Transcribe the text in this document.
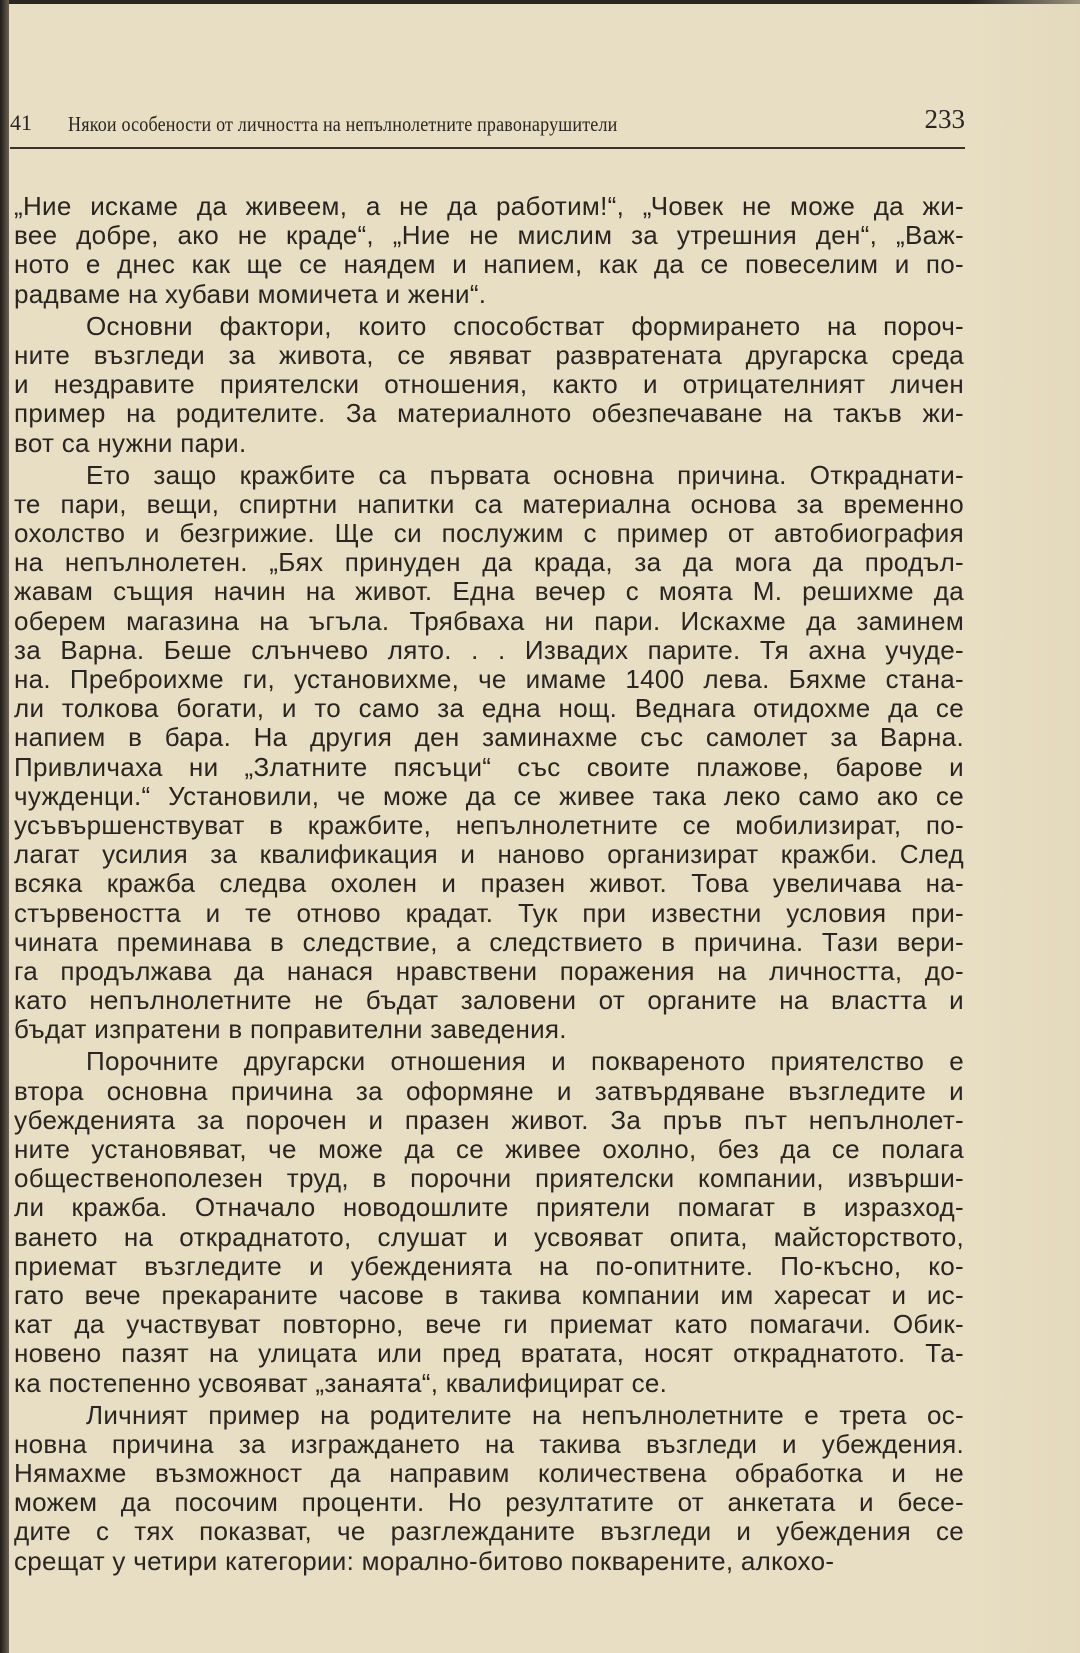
41 Някои особености от личността на непълнолетните правонарушители	233
„Ние искаме да живеем, а не да работим!“, „Човек не може да жи-
вее добре, ако не краде“, „Ние не мислим за утрешния ден“, „Важ-
ното е днес как ще се наядем и напием, как да се повеселим и по-
радваме на хубави момичета и жени“.
Основни фактори, които способстват формирането на пороч-
ните възгледи за живота, се явяват развратената другарска среда
и нездравите приятелски отношения, както и отрицателният личен
пример на родителите. За материалното обезпечаване на такъв жи-
вот са нужни пари.
Ето защо кражбите са първата основна причина. Откраднати-
те пари, вещи, спиртни напитки са материална основа за временно
охолство и безгрижие. Ще си послужим с пример от автобиография
на непълнолетен. „Бях принуден да крада, за да мога да продъл-
жавам същия начин на живот. Една вечер с моята М. решихме да
оберем магазина на ъгъла. Трябваха ни пари. Искахме да заминем
за Варна. Беше слънчево лято. . . Извадих парите. Тя ахна учуде-
на. Преброихме ги, установихме, че имаме 1400 лева. Бяхме стана-
ли толкова богати, и то само за една нощ. Веднага отидохме да се
напием в бара. На другия ден заминахме със самолет за Варна.
Привличаха ни „Златните пясъци“ със своите плажове, барове и
чужденци.“ Установили, че може да се живее така леко само ако се
усъвършенствуват в кражбите, непълнолетните се мобилизират, по-
лагат усилия за квалификация и наново организират кражби. След
всяка кражба следва охолен и празен живот. Това увеличава на-
стървеността и те отново крадат. Тук при известни условия при-
чината преминава в следствие, а следствието в причина. Тази вери-
га продължава да нанася нравствени поражения на личността, до-
като непълнолетните не бъдат заловени от органите на властта и
бъдат изпратени в поправителни заведения.
Порочните другарски отношения и поквареното приятелство е
втора основна причина за оформяне и затвърдяване възгледите и
убежденията за порочен и празен живот. За пръв път непълнолет-
ните установяват, че може да се живее охолно, без да се полага
общественополезен труд, в порочни приятелски компании, извърши-
ли кражба. Отначало новодошлите приятели помагат в изразход-
ването на откраднатото, слушат и усвояват опита, майсторството,
приемат възгледите и убежденията на по-опитните. По-късно, ко-
гато вече прекараните часове в такива компании им харесат и ис-
кат да участвуват повторно, вече ги приемат като помагачи. Обик-
новено пазят на улицата или пред вратата, носят откраднатото. Та-
ка постепенно усвояват „занаята“, квалифицират се.
Личният пример на родителите на непълнолетните е трета ос-
новна причина за изграждането на такива възгледи и убеждения.
Нямахме възможност да направим количествена обработка и не
можем да посочим проценти. Но резултатите от анкетата и бесе-
дите с тях показват, че разглежданите възгледи и убеждения се
срещат у четири категории: морално-битово покварените, алкохо-
